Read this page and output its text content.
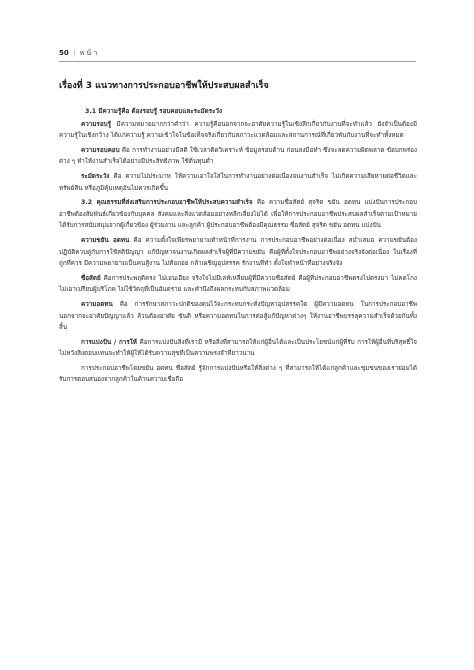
50 | ห น้ า
เรื่องที่ 3 แนวทางการประกอบอาชีพให้ประสบผลสำเร็จ

3.1 มีความรู้คือ ต้องรอบรู้ รอบคอบและระมัดระวัง

ความรอบรู้ มีความหมายมากกว่าคำว่า ความรู้คือนอกจากจะอาศัยความรู้ในเชิงลึกเกี่ยวกับงานที่จะทำแล้ว ยังจำเป็นต้องมีความรู้ในเชิงกว้าง ได้แก่ความรู้ ความเข้าใจในข้อเท็จจริงเกี่ยวกับสภาวะแวดล้อมและสถานการณ์ที่เกี่ยวพันกับงานที่จะทำทั้งหมด

ความรอบคอบ คือ การทำงานอย่างมีสติ ใช้เวลาคิดวิเคราะห์ ข้อมูลรอบด้าน ก่อนลงมือทำ ซึ่งจะลดความผิดพลาด ข้อบกพร่องต่าง ๆ ทำให้งานสำเร็จได้อย่างมีประสิทธิภาพ ใช้ต้นทุนต่ำ

ระมัดระวัง คือ ความไม่ประมาท ให้ความเอาใจใส่ในการทำงานอย่างต่อเนื่องจนงานสำเร็จ ไม่เกิดความเสียหายต่อชีวิตและทรัพย์สิน หรือภูมิคุ้มเหตุอันไม่ควรเกิดขึ้น

3.2 คุณธรรมที่ส่งเสริมการประกอบอาชีพให้ประสบความสำเร็จ คือ ความซื่อสัตย์ สุจริต ขยัน อดทน แบ่งปันการประกอบอาชีพต้องสัมพันธ์เกี่ยวข้องกับบุคคล สังคมและสิ่งแวดล้อมอย่างหลีกเลี่ยงไม่ได้ เพื่อให้การประกอบอาชีพประสบผลสำเร็จตามเป้าหมาย ได้รับการสนับสนุนจากผู้เกี่ยวข้อง ผู้ร่วมงาน และลูกค้า ผู้ประกอบอาชีพต้องมีคุณธรรม ซื่อสัตย์ สุจริต ขยัน อดทน แบ่งปัน

ความขยัน อดทน คือ ความตั้งใจเพียรพยายามทำหน้าที่การงาน การประกอบอาชีพอย่างต่อเนื่อง สม่ำเสมอ ความขยันต้องปฏิบัติควบคู่กับการใช้สติปัญญา แก้ปัญหาจนงานเกิดผลสำเร็จผู้ที่มีความขยัน คือผู้ที่ตั้งใจประกอบอาชีพอย่างจริงจังต่อเนื่อง ในเรื่องที่ถูกที่ควร มีความพยายามเป็นคนสู้งาน ไม่ท้อถอย กล้าเผชิญอุปสรรค รักงานที่ทำ ตั้งใจทำหน้าที่อย่างจริงจัง

ซื่อสัตย์ คือการประพฤติตรง ไม่เอนเอียง จริงใจไม่มีเล่ห์เหลี่ยมผู้ที่มีความซื่อสัตย์ คือผู้ที่ประกอบอาชีพตรงไปตรงมา ไม่คดโกง ไม่เอาเปรียบผู้บริโภค ไม่ใช้วัตถุที่เป็นอันตราย และคำนึงถึงผลกระทบกับสภาพแวดล้อม

ความอดทน คือ การรักษาสภาวะปกติของตนไว้จะกระทบกระทั่งปัญหาอุปสรรคใด ผู้มีความอดทน ในการประกอบอาชีพ นอกจากจะอาศัยปัญญาแล้ว ล้วนต้องอาศัย ขันติ หรือความอดทนในการต่อสู้แก้ปัญหาต่างๆ ให้งานอาชีพบรรลุความสำเร็จด้วยกันทั้งสิ้น

การแบ่งปัน / การให้ คือการแบ่งปันสิ่งที่เรามี หรือสิ่งที่สามารถให้แก่ผู้อื่นได้และเป็นประโยชน์แก่ผู้ที่รับ การให้ผู้อื่นที่บริสุทธิ์ใจไม่หวังสิ่งตอบแทนจะทำให้ผู้ให้ได้รับความสุขที่เป็นความพรงจำที่ยาวนาน

การประกอบอาชีพโดยขยัน อดทน ซื่อสัตย์ รู้จักการแบ่งปันหรือให้สิ่งต่าง ๆ ที่สามารถให้ได้แก่ลูกค้าและชุมชนของเราย่อมได้รับการตอบสนองจากลูกค้าในด้านความเชื่อถือ
